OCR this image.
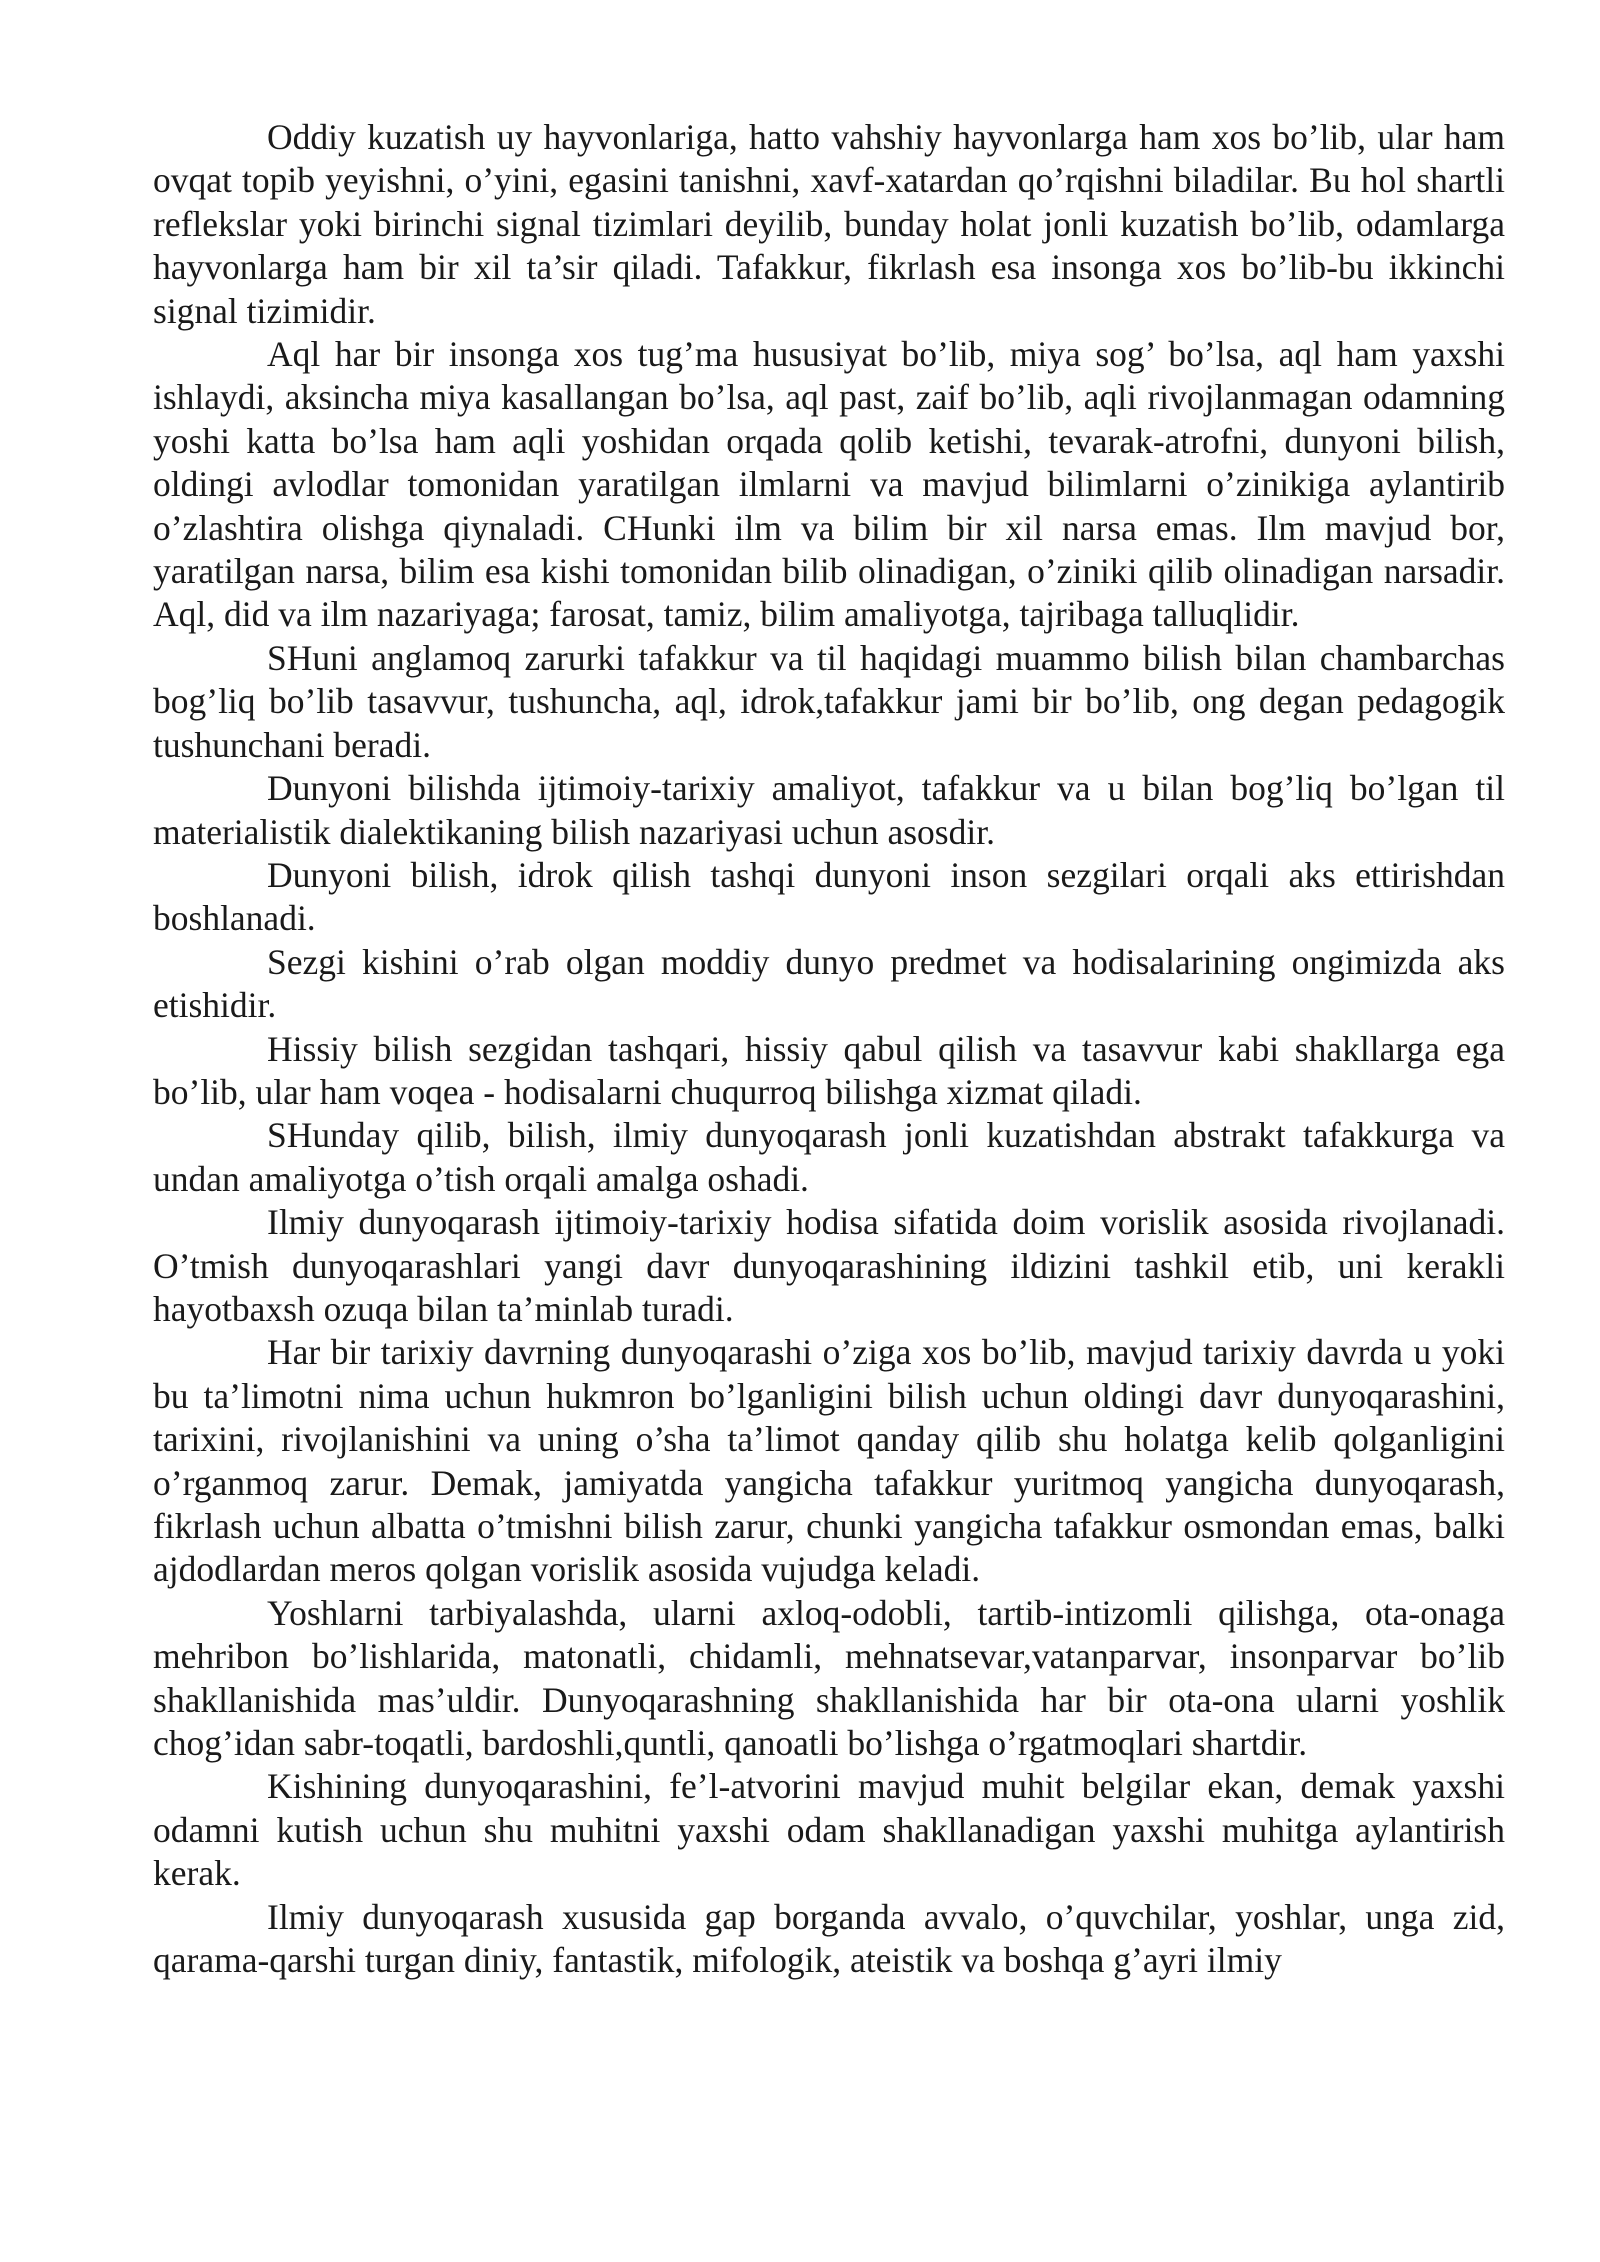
Oddiy kuzatish uy hayvonlariga, hatto vahshiy hayvonlarga ham xos bo’lib, ular ham ovqat topib yeyishni, o’yini, egasini tanishni, xavf-xatardan qo’rqishni biladilar. Bu hol shartli reflekslar yoki birinchi signal tizimlari deyilib, bunday holat jonli kuzatish bo’lib, odamlarga hayvonlarga ham bir xil ta’sir qiladi. Tafakkur, fikrlash esa insonga xos bo’lib-bu ikkinchi signal tizimidir.

Aql har bir insonga xos tug’ma hususiyat bo’lib, miya sog’ bo’lsa, aql ham yaxshi ishlaydi, aksincha miya kasallangan bo’lsa, aql past, zaif bo’lib, aqli rivojlanmagan odamning yoshi katta bo’lsa ham aqli yoshidan orqada qolib ketishi, tevarak-atrofni, dunyoni bilish, oldingi avlodlar tomonidan yaratilgan ilmlarni va mavjud bilimlarni o’zinikiga aylantirib o’zlashtira olishga qiynaladi. CHunki ilm va bilim bir xil narsa emas. Ilm mavjud bor, yaratilgan narsa, bilim esa kishi tomonidan bilib olinadigan, o’ziniki qilib olinadigan narsadir. Aql, did va ilm nazariyaga; farosat, tamiz, bilim amaliyotga, tajribaga talluqlidir.

SHuni anglamoq zarurki tafakkur va til haqidagi muammo bilish bilan chambarchas bog’liq bo’lib tasavvur, tushuncha, aql, idrok,tafakkur jami bir bo’lib, ong degan pedagogik tushunchani beradi.

Dunyoni bilishda ijtimoiy-tarixiy amaliyot, tafakkur va u bilan bog’liq bo’lgan til materialistik dialektikaning bilish nazariyasi uchun asosdir.

Dunyoni bilish, idrok qilish tashqi dunyoni inson sezgilari orqali aks ettirishdan boshlanadi.

Sezgi kishini o’rab olgan moddiy dunyo predmet va hodisalarining ongimizda aks etishidir.

Hissiy bilish sezgidan tashqari, hissiy qabul qilish va tasavvur kabi shakllarga ega bo’lib, ular ham voqea - hodisalarni chuqurroq bilishga xizmat qiladi.

SHunday qilib, bilish, ilmiy dunyoqarash jonli kuzatishdan abstrakt tafakkurga va undan amaliyotga o’tish orqali amalga oshadi.

Ilmiy dunyoqarash ijtimoiy-tarixiy hodisa sifatida doim vorislik asosida rivojlanadi. O’tmish dunyoqarashlari yangi davr dunyoqarashining ildizini tashkil etib, uni kerakli hayotbaxsh ozuqa bilan ta’minlab turadi.

Har bir tarixiy davrning dunyoqarashi o’ziga xos bo’lib, mavjud tarixiy davrda u yoki bu ta’limotni nima uchun hukmron bo’lganligini bilish uchun oldingi davr dunyoqarashini, tarixini, rivojlanishini va uning o’sha ta’limot qanday qilib shu holatga kelib qolganligini o’rganmoq zarur. Demak, jamiyatda yangicha tafakkur yuritmoq yangicha dunyoqarash, fikrlash uchun albatta o’tmishni bilish zarur, chunki yangicha tafakkur osmondan emas, balki ajdodlardan meros qolgan vorislik asosida vujudga keladi.

Yoshlarni tarbiyalashda, ularni axloq-odobli, tartib-intizomli qilishga, ota-onaga mehribon bo’lishlarida, matonatli, chidamli, mehnatsevar,vatanparvar, insonparvar bo’lib shakllanishida mas’uldir. Dunyoqarashning shakllanishida har bir ota-ona ularni yoshlik chog’idan sabr-toqatli, bardoshli,quntli, qanoatli bo’lishga o’rgatmoqlari shartdir.

Kishining dunyoqarashini, fe’l-atvorini mavjud muhit belgilar ekan, demak yaxshi odamni kutish uchun shu muhitni yaxshi odam shakllanadigan yaxshi muhitga aylantirish kerak.

Ilmiy dunyoqarash xususida gap borganda avvalo, o’quvchilar, yoshlar, unga zid, qarama-qarshi turgan diniy, fantastik, mifologik, ateistik va boshqa g’ayri ilmiy
